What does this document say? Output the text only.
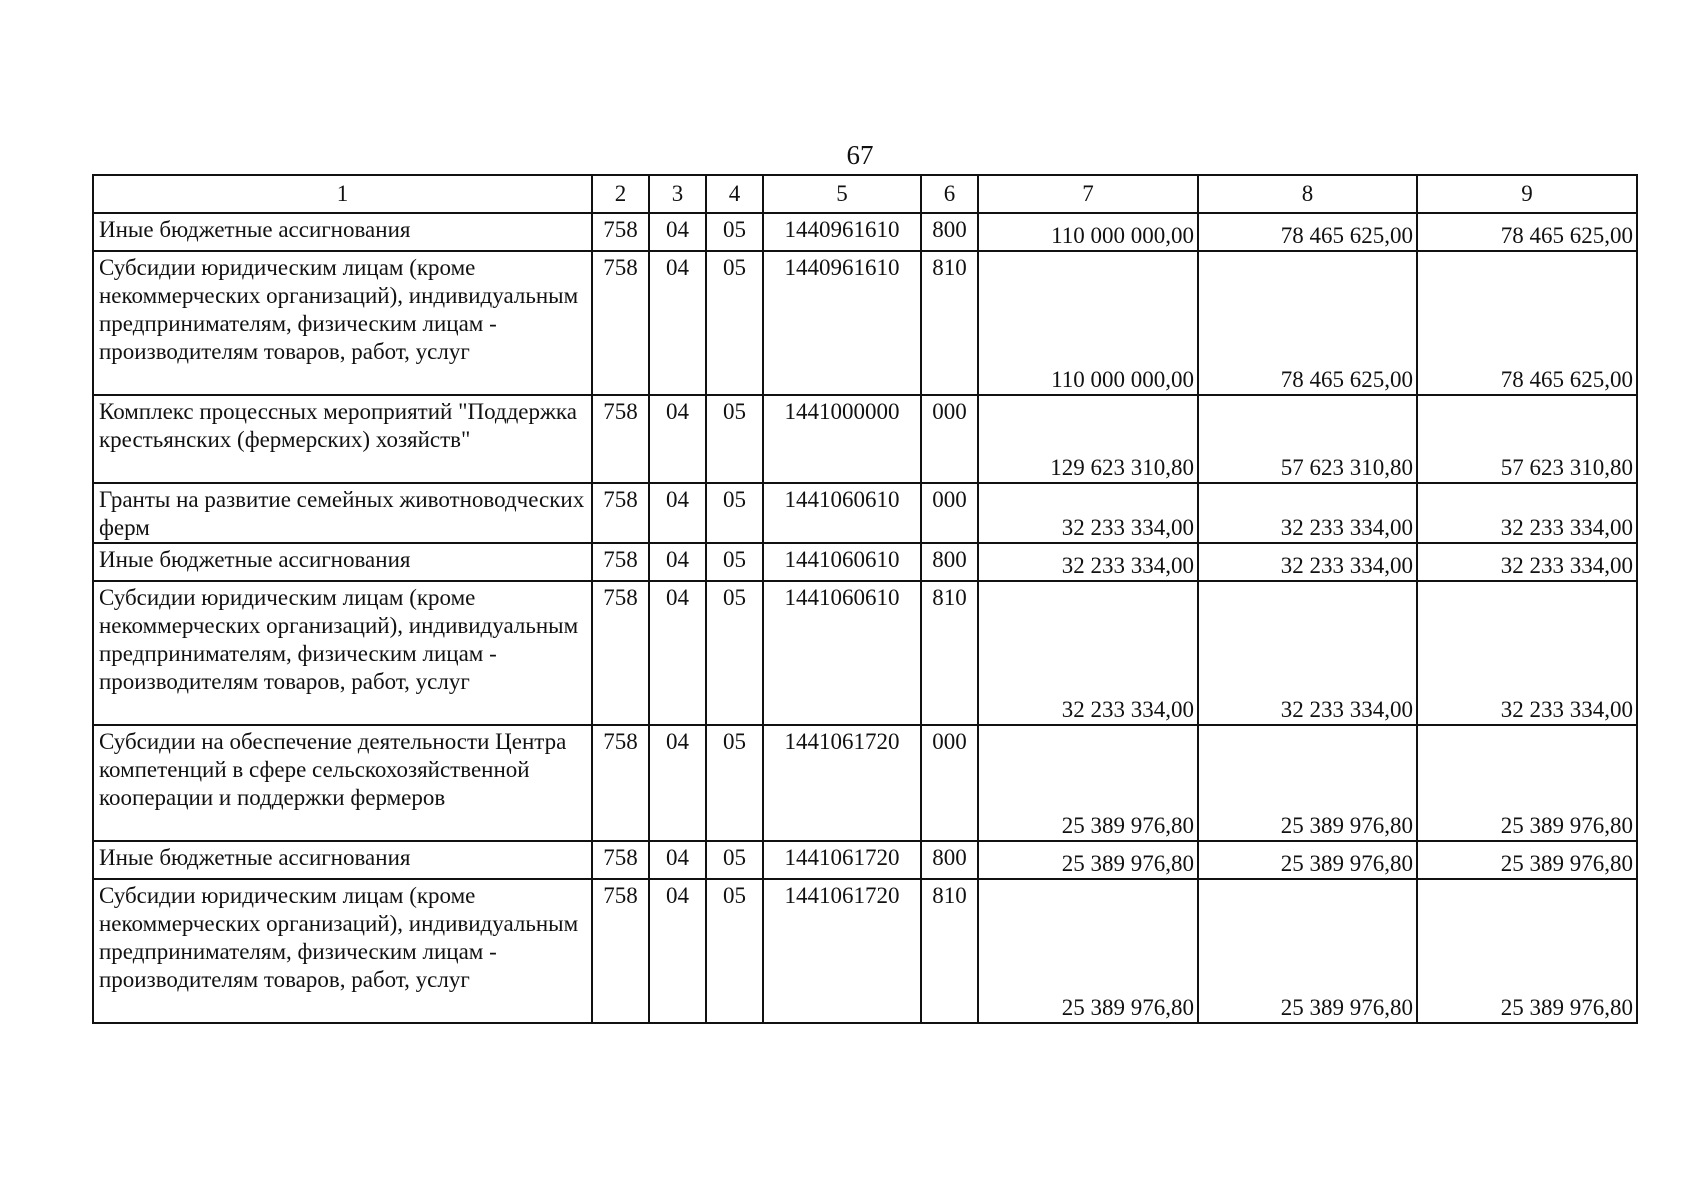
67
1	2	3	4	5	6	7	8	9
Иные бюджетные ассигнования	758	04	05	1440961610	800	110 000 000,00	78 465 625,00	78 465 625,00
Субсидии юридическим лицам (кроме некоммерческих организаций), индивидуальным предпринимателям, физическим лицам - производителям товаров, работ, услуг	758	04	05	1440961610	810	110 000 000,00	78 465 625,00	78 465 625,00
Комплекс процессных мероприятий "Поддержка крестьянских (фермерских) хозяйств"	758	04	05	1441000000	000	129 623 310,80	57 623 310,80	57 623 310,80
Гранты на развитие семейных животноводческих ферм	758	04	05	1441060610	000	32 233 334,00	32 233 334,00	32 233 334,00
Иные бюджетные ассигнования	758	04	05	1441060610	800	32 233 334,00	32 233 334,00	32 233 334,00
Субсидии юридическим лицам (кроме некоммерческих организаций), индивидуальным предпринимателям, физическим лицам - производителям товаров, работ, услуг	758	04	05	1441060610	810	32 233 334,00	32 233 334,00	32 233 334,00
Субсидии на обеспечение деятельности Центра компетенций в сфере сельскохозяйственной кооперации и поддержки фермеров	758	04	05	1441061720	000	25 389 976,80	25 389 976,80	25 389 976,80
Иные бюджетные ассигнования	758	04	05	1441061720	800	25 389 976,80	25 389 976,80	25 389 976,80
Субсидии юридическим лицам (кроме некоммерческих организаций), индивидуальным предпринимателям, физическим лицам - производителям товаров, работ, услуг	758	04	05	1441061720	810	25 389 976,80	25 389 976,80	25 389 976,80
